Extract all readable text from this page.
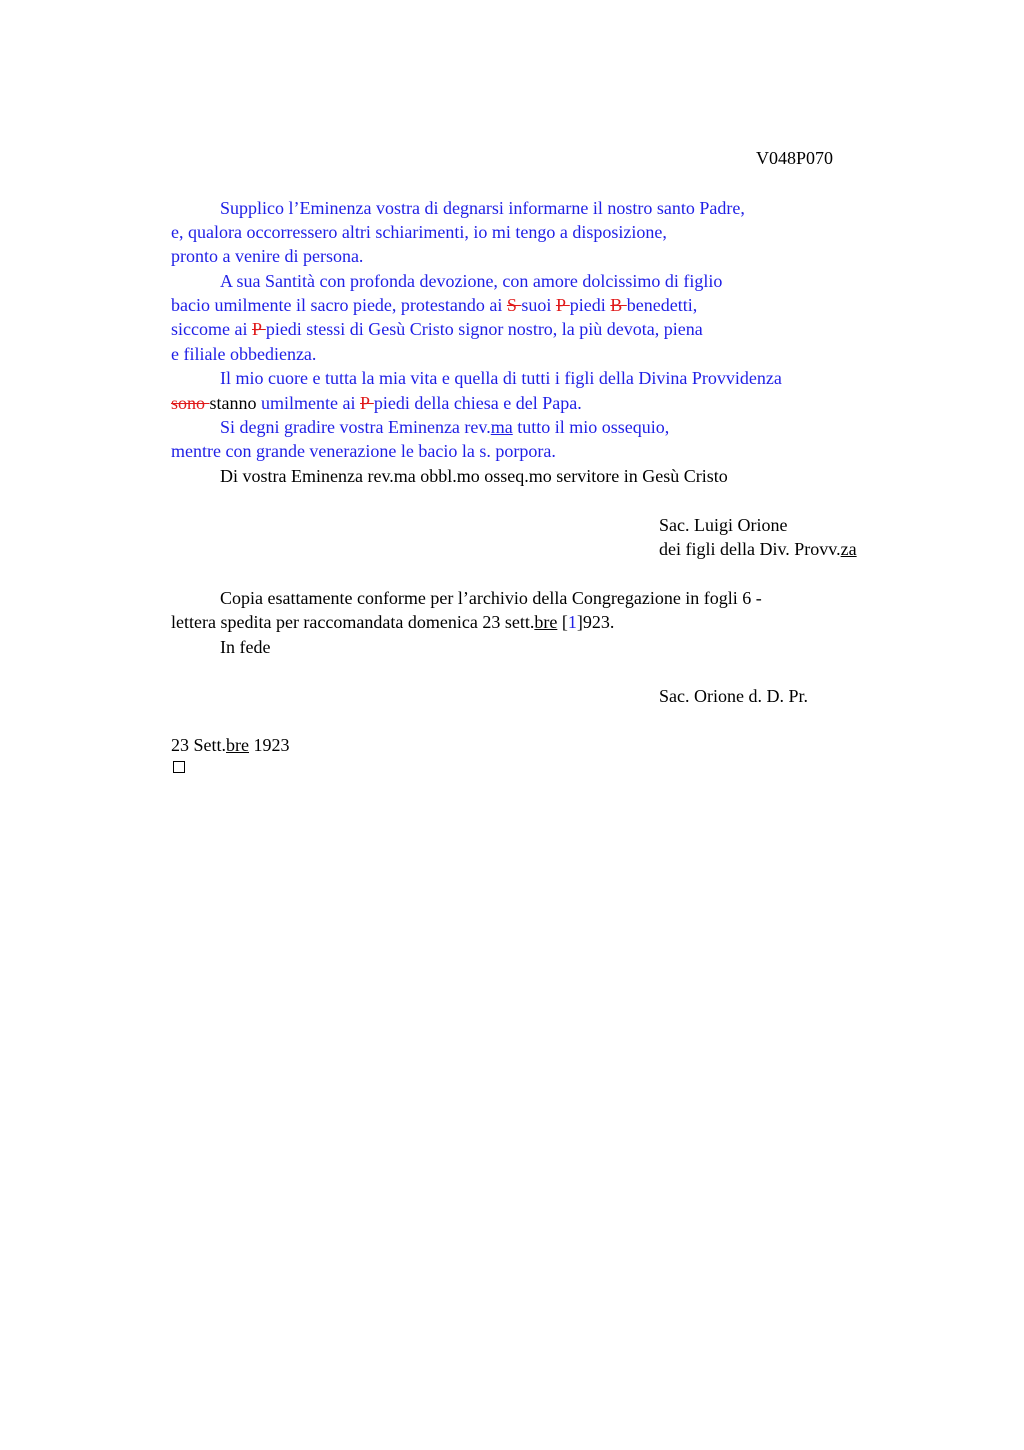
V048P070
Supplico l’Eminenza vostra di degnarsi informarne il nostro santo Padre,
e, qualora occorressero altri schiarimenti, io mi tengo a disposizione,
pronto a venire di persona.
A sua Santità con profonda devozione, con amore dolcissimo di figlio
bacio umilmente il sacro piede, protestando ai S suoi P piedi B benedetti,
siccome ai P piedi stessi di Gesù Cristo signor nostro, la più devota, piena
e filiale obbedienza.
Il mio cuore e tutta la mia vita e quella di tutti i figli della Divina Provvidenza
sono stanno umilmente ai P piedi della chiesa e del Papa.
Si degni gradire vostra Eminenza rev.ma tutto il mio ossequio,
mentre con grande venerazione le bacio la s. porpora.
Di vostra Eminenza rev.ma obbl.mo osseq.mo servitore in Gesù Cristo
Sac. Luigi Orione
dei figli della Div. Provv.za
Copia esattamente conforme per l’archivio della Congregazione in fogli 6 -
lettera spedita per raccomandata domenica 23 sett.bre [1]923.
In fede
Sac. Orione d. D. Pr.
23 Sett.bre 1923
